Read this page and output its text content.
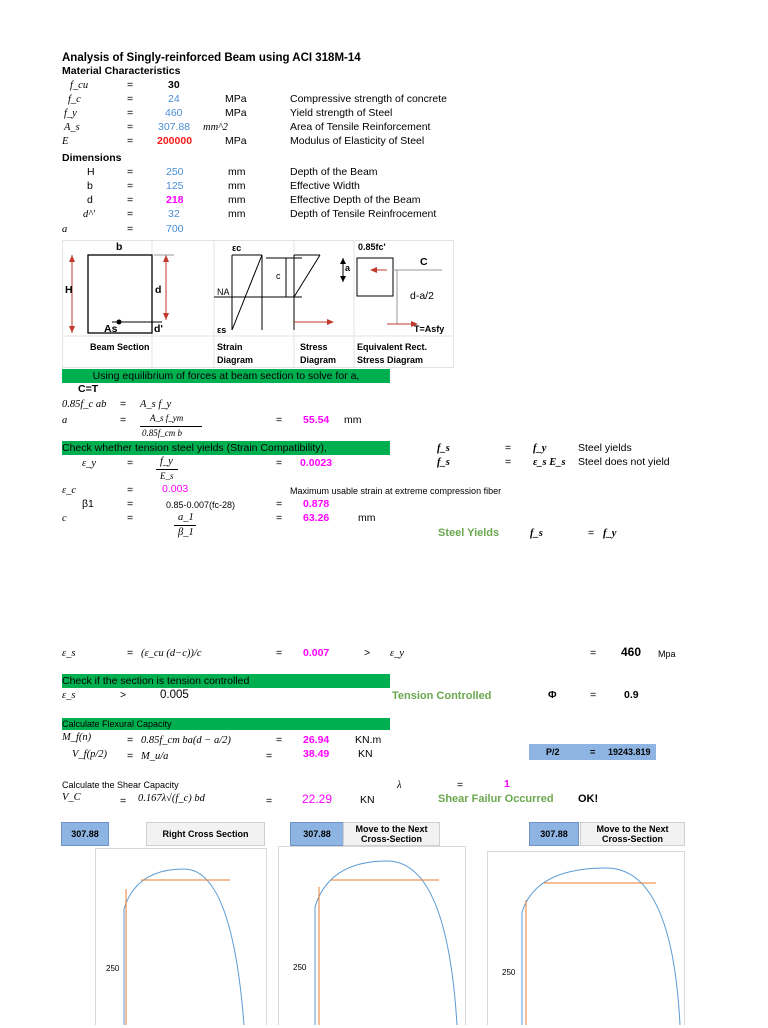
Analysis of Singly-reinforced Beam using ACI 318M-14
Material Characteristics
f_cu	=	30
f_c	=	24	MPa	Compressive strength of concrete
f_y	=	460	MPa	Yield strength of Steel
A_s	= 307.88 mm^2	Area of Tensile Reinforcement
E	= 200000	MPa	Modulus of Elasticity of Steel
Dimensions
H	=	250	mm	Depth of the Beam
b	=	125	mm	Effective Width
d	=	218	mm	Effective Depth of the Beam
d^'	=	32	mm	Depth of Tensile Reinfrocement
a	=	700
b
H	d
As	d'
εc
NA
c
εs
a
0.85fc'
C
d-a/2
T=Asfy
Beam Section	Strain
Diagram
Stress
Diagram
Equivalent Rect.
Stress Diagram
Using equilibrium of forces at beam section to solve for a,
C=T
0.85f_c ab = A_s f_y
a	=	A_s f_ym
0.85f_cm b
= 55.54 mm
Check whether tension steel yields (Strain Compatibility),	f_s	= f_y	Steel yields
f_s	= ε_s E_s Steel does not yield
ε_y	=	f_y
E_s
= 0.0023
ε_c	=	0.003	Maximum usable strain at extreme compression fiber
β1	=	0.85-0.007(fc-28)	= 0.878
c	=	a_1
β_1
= 63.26	mm
Steel Yields	f_s	= f_y
ε_s	= (ε_cu (d−c))/c	= 0.007	> ε_y	= 460 Mpa
Check if the section is tension controlled
ε_s	>	0.005	Tension Controlled	Φ	=	0.9
Calculate Flexural Capacity
M_f(n)	= 0.85f_cm ba(d − a/2)	= 26.94 KN.m
V_f(p/2) = M_u/a	=	38.49	KN	P/2	= 19243.819
Calculate the Shear Capacity	λ	=	1
V_C	= 0.167λ√(f_c) bd	= 22.29	KN	Shear Failur Occurred OK!
307.88	Right Cross Section	307.88	Move to the Next Cross-Section	307.88	Move to the Next Cross-Section
250	250
250
